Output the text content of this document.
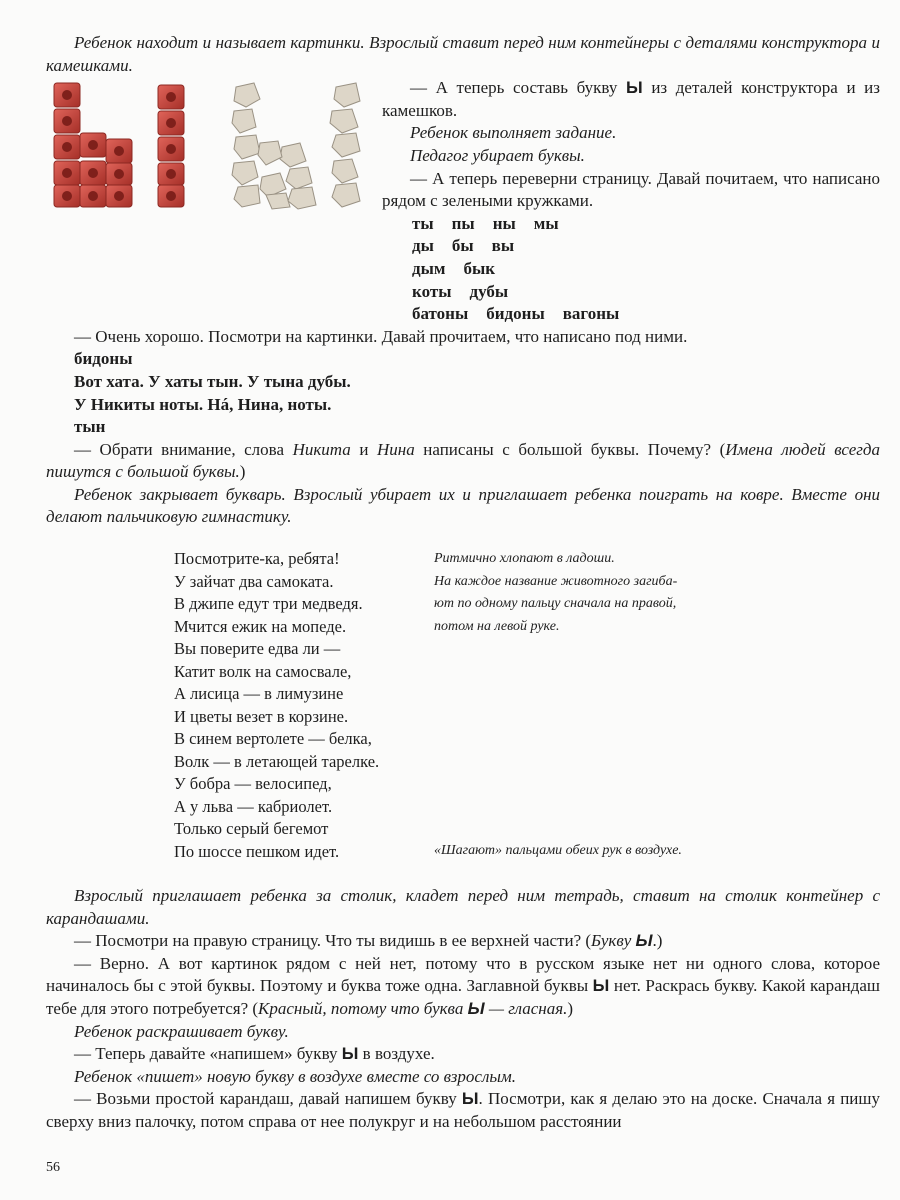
Ребенок находит и называет картинки. Взрослый ставит перед ним контейнеры с деталями конструктора и камешками.

— А теперь составь букву Ы из деталей конструктора и из камешков.

Ребенок выполняет задание.

Педагог убирает буквы.

— А теперь переверни страницу. Давай почитаем, что написано рядом с зелеными кружками.

ты пы ны мы
ды бы вы
дым бык
коты дубы
батоны бидоны вагоны

— Очень хорошо. Посмотри на картинки. Давай прочитаем, что написано под ними.

бидоны

Вот хата. У хаты тын. У тына дубы.

У Никиты ноты. Нá, Нина, ноты.

тын

— Обрати внимание, слова Никита и Нина написаны с большой буквы. Почему? (Имена людей всегда пишутся с большой буквы.)

Ребенок закрывает букварь. Взрослый убирает их и приглашает ребенка поиграть на ковре. Вместе они делают пальчиковую гимнастику.

Посмотрите-ка, ребята!
У зайчат два самоката.
В джипе едут три медведя.
Мчится ежик на мопеде.
Вы поверите едва ли —
Катит волк на самосвале,
А лисица — в лимузине
И цветы везет в корзине.
В синем вертолете — белка,
Волк — в летающей тарелке.
У бобра — велосипед,
А у льва — кабриолет.
Только серый бегемот
По шоссе пешком идет.
Ритмично хлопают в ладоши.
На каждое название животного загиба-
ют по одному пальцу сначала на правой,
потом на левой руке.
«Шагают» пальцами обеих рук в воздухе.

Взрослый приглашает ребенка за столик, кладет перед ним тетрадь, ставит на столик контейнер с карандашами.

— Посмотри на правую страницу. Что ты видишь в ее верхней части? (Букву Ы.)

— Верно. А вот картинок рядом с ней нет, потому что в русском языке нет ни одного слова, которое начиналось бы с этой буквы. Поэтому и буква тоже одна. Заглавной буквы Ы нет. Раскрась букву. Какой карандаш тебе для этого потребуется? (Красный, потому что буква Ы — гласная.)

Ребенок раскрашивает букву.

— Теперь давайте «напишем» букву Ы в воздухе.

Ребенок «пишет» новую букву в воздухе вместе со взрослым.

— Возьми простой карандаш, давай напишем букву Ы. Посмотри, как я делаю это на доске. Сначала я пишу сверху вниз палочку, потом справа от нее полукруг и на небольшом расстоянии

56
